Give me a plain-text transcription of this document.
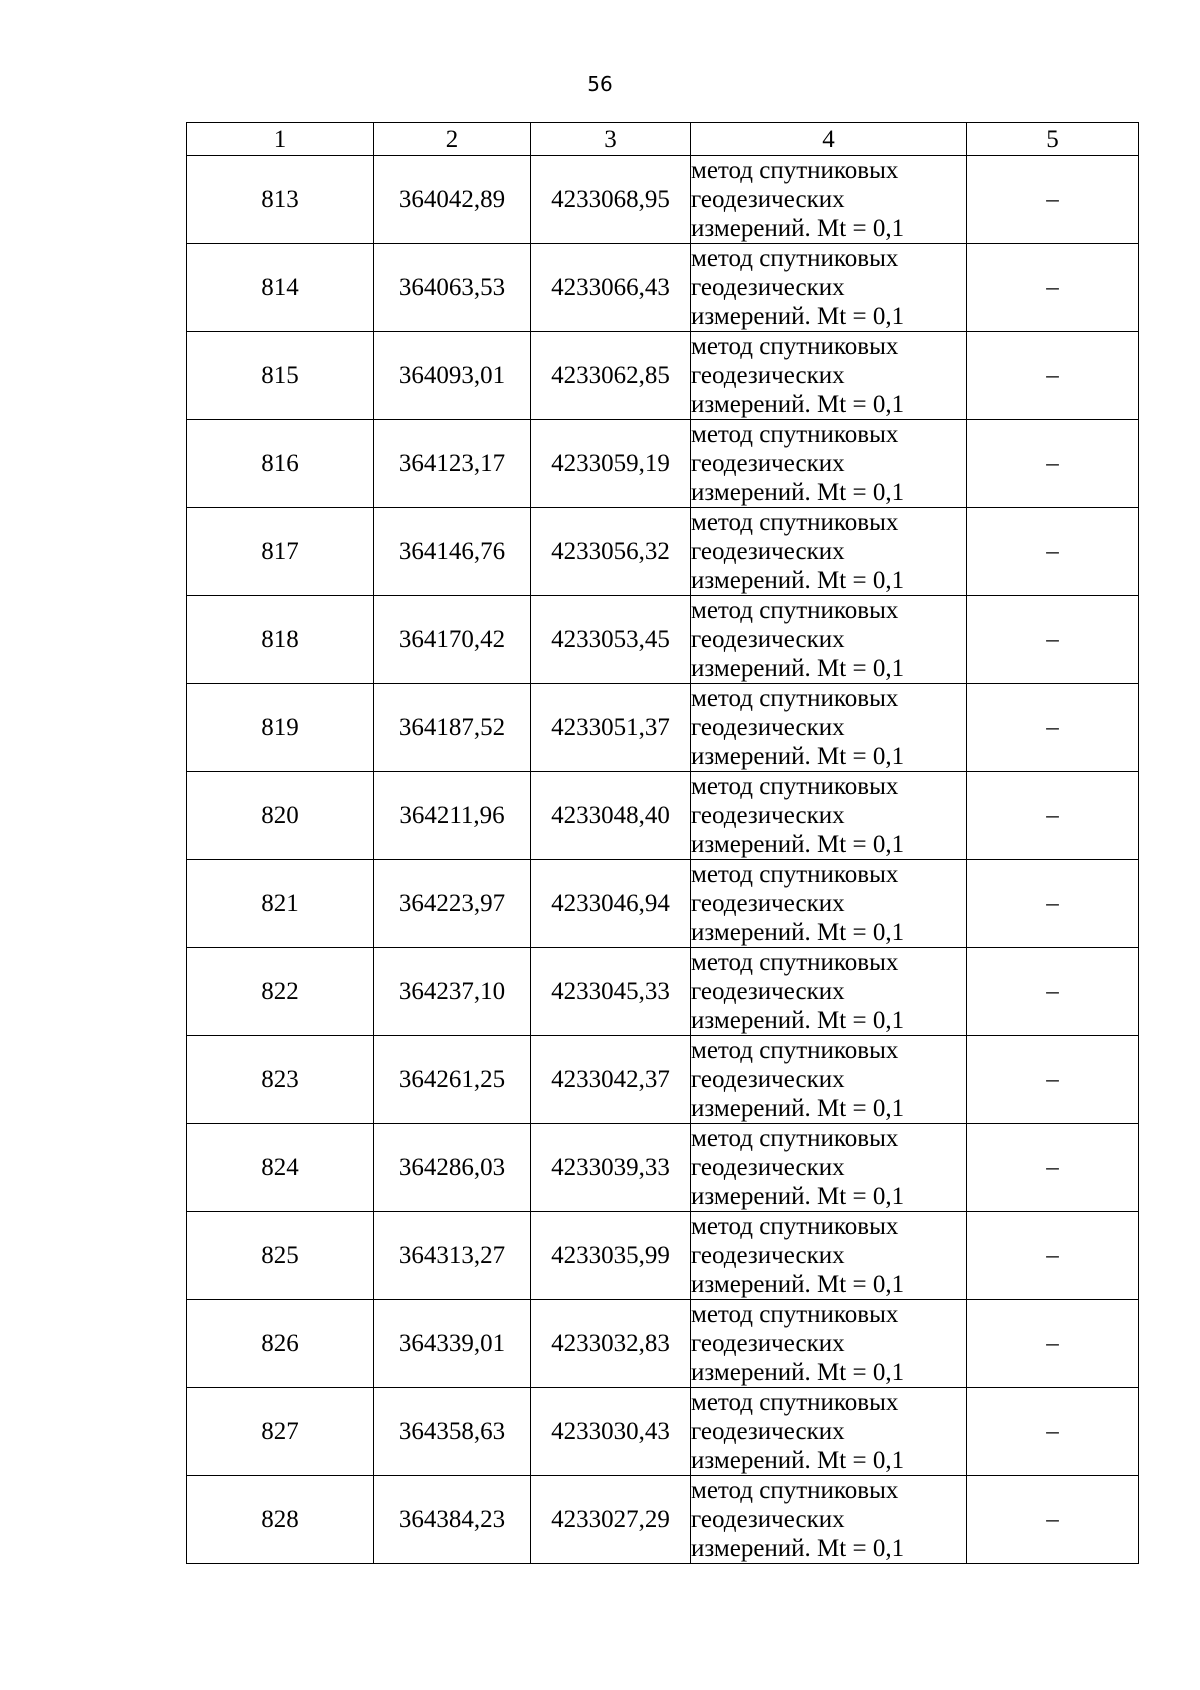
56
1	2	3	4	5
813	364042,89	4233068,95	метод спутниковых геодезических измерений. Mt = 0,1	–
814	364063,53	4233066,43	метод спутниковых геодезических измерений. Mt = 0,1	–
815	364093,01	4233062,85	метод спутниковых геодезических измерений. Mt = 0,1	–
816	364123,17	4233059,19	метод спутниковых геодезических измерений. Mt = 0,1	–
817	364146,76	4233056,32	метод спутниковых геодезических измерений. Mt = 0,1	–
818	364170,42	4233053,45	метод спутниковых геодезических измерений. Mt = 0,1	–
819	364187,52	4233051,37	метод спутниковых геодезических измерений. Mt = 0,1	–
820	364211,96	4233048,40	метод спутниковых геодезических измерений. Mt = 0,1	–
821	364223,97	4233046,94	метод спутниковых геодезических измерений. Mt = 0,1	–
822	364237,10	4233045,33	метод спутниковых геодезических измерений. Mt = 0,1	–
823	364261,25	4233042,37	метод спутниковых геодезических измерений. Mt = 0,1	–
824	364286,03	4233039,33	метод спутниковых геодезических измерений. Mt = 0,1	–
825	364313,27	4233035,99	метод спутниковых геодезических измерений. Mt = 0,1	–
826	364339,01	4233032,83	метод спутниковых геодезических измерений. Mt = 0,1	–
827	364358,63	4233030,43	метод спутниковых геодезических измерений. Mt = 0,1	–
828	364384,23	4233027,29	метод спутниковых геодезических измерений. Mt = 0,1	–
